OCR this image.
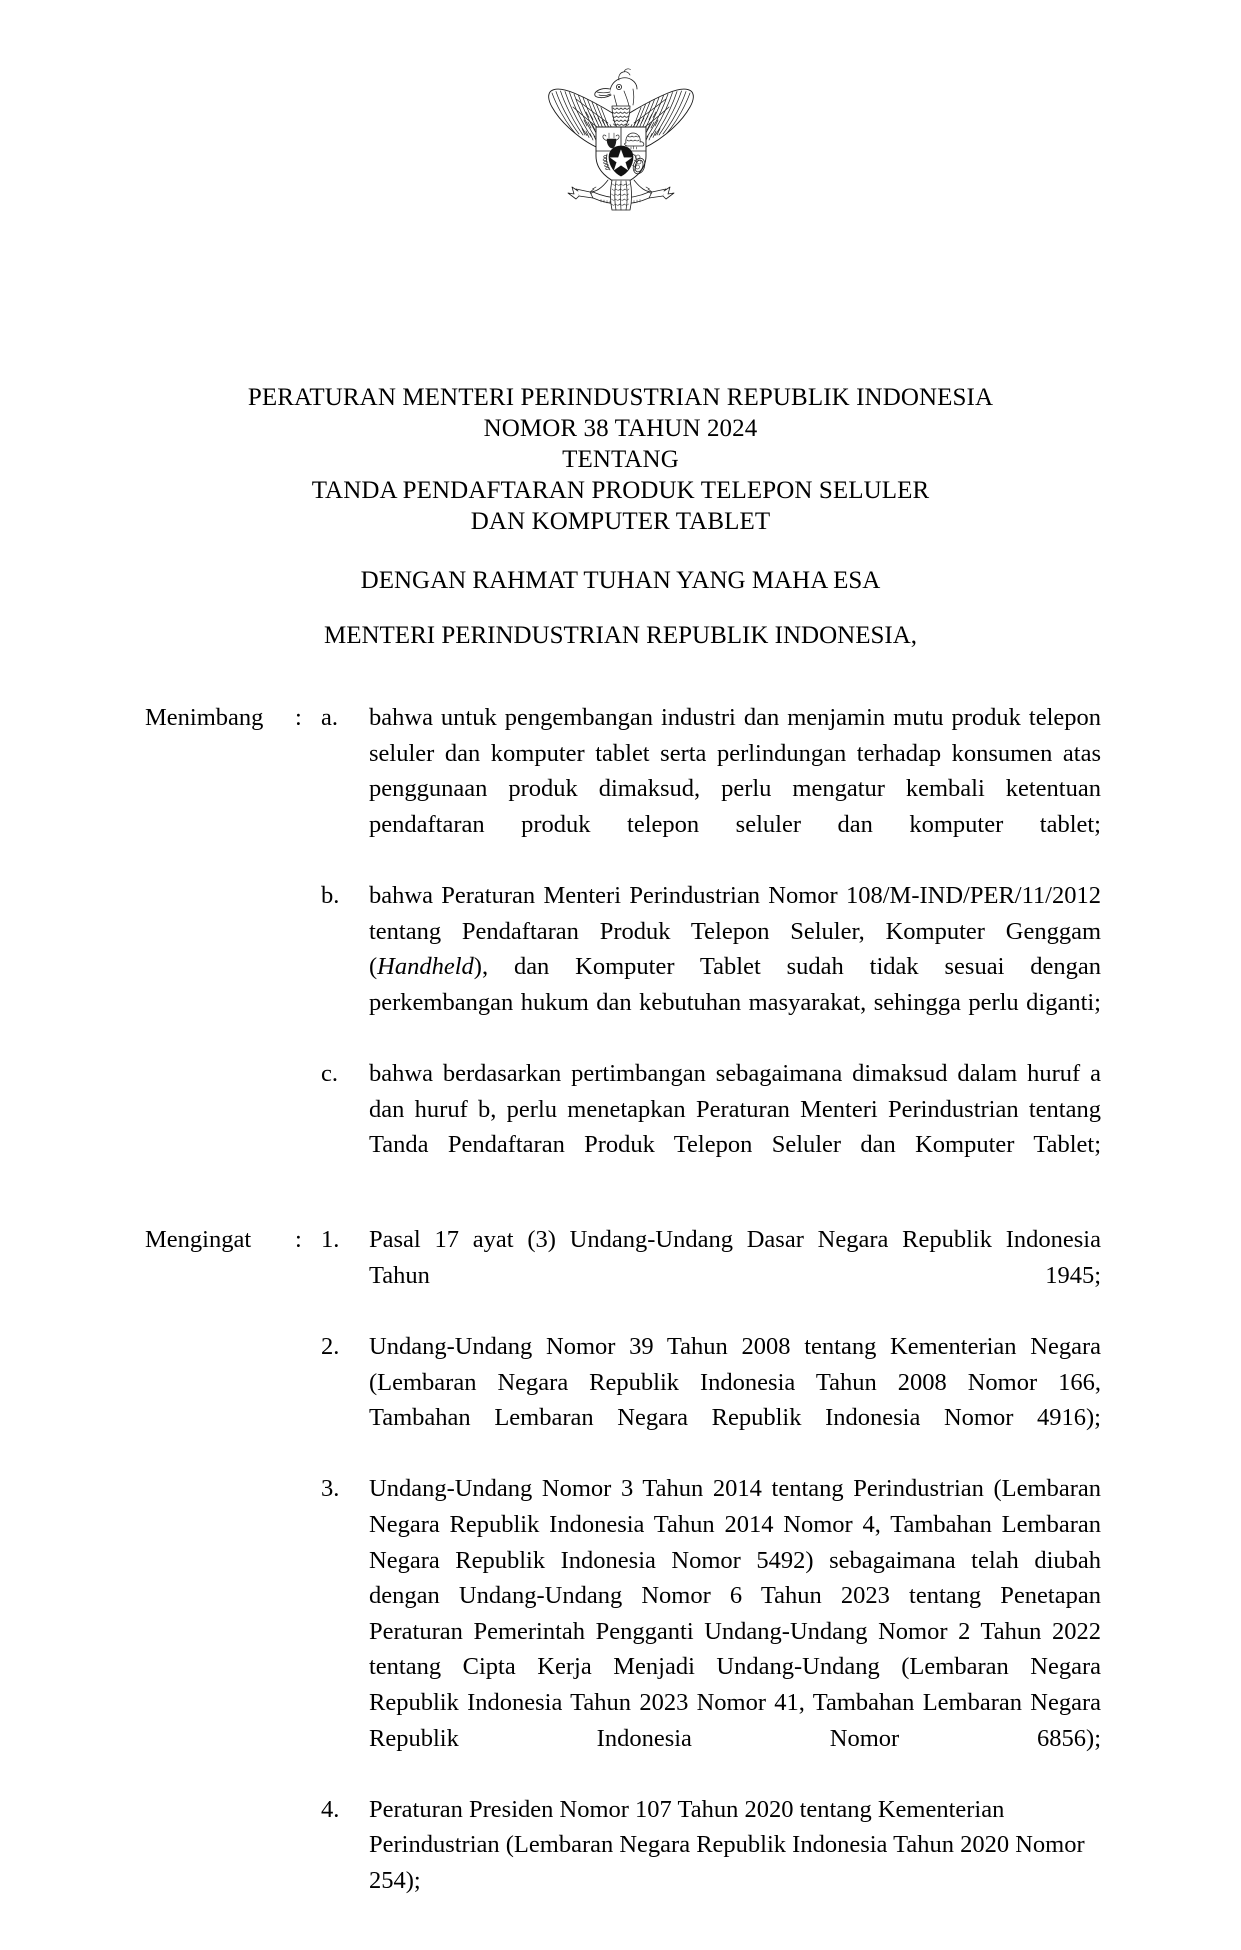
PERATURAN MENTERI PERINDUSTRIAN REPUBLIK INDONESIA
NOMOR 38 TAHUN 2024
TENTANG
TANDA PENDAFTARAN PRODUK TELEPON SELULER
DAN KOMPUTER TABLET
DENGAN RAHMAT TUHAN YANG MAHA ESA
MENTERI PERINDUSTRIAN REPUBLIK INDONESIA,
Menimbang	: a.	bahwa untuk pengembangan industri dan menjamin mutu produk telepon seluler dan komputer tablet serta perlindungan terhadap konsumen atas penggunaan produk dimaksud, perlu mengatur kembali ketentuan pendaftaran produk telepon seluler dan komputer tablet;
b.	bahwa Peraturan Menteri Perindustrian Nomor 108/M-IND/PER/11/2012 tentang Pendaftaran Produk Telepon Seluler, Komputer Genggam (Handheld), dan Komputer Tablet sudah tidak sesuai dengan perkembangan hukum dan kebutuhan masyarakat, sehingga perlu diganti;
c.	bahwa berdasarkan pertimbangan sebagaimana dimaksud dalam huruf a dan huruf b, perlu menetapkan Peraturan Menteri Perindustrian tentang Tanda Pendaftaran Produk Telepon Seluler dan Komputer Tablet;
Mengingat	: 1.	Pasal 17 ayat (3) Undang-Undang Dasar Negara Republik Indonesia Tahun 1945;
2.	Undang-Undang Nomor 39 Tahun 2008 tentang Kementerian Negara (Lembaran Negara Republik Indonesia Tahun 2008 Nomor 166, Tambahan Lembaran Negara Republik Indonesia Nomor 4916);
3.	Undang-Undang Nomor 3 Tahun 2014 tentang Perindustrian (Lembaran Negara Republik Indonesia Tahun 2014 Nomor 4, Tambahan Lembaran Negara Republik Indonesia Nomor 5492) sebagaimana telah diubah dengan Undang-Undang Nomor 6 Tahun 2023 tentang Penetapan Peraturan Pemerintah Pengganti Undang-Undang Nomor 2 Tahun 2022 tentang Cipta Kerja Menjadi Undang-Undang (Lembaran Negara Republik Indonesia Tahun 2023 Nomor 41, Tambahan Lembaran Negara Republik Indonesia Nomor 6856);
4.	Peraturan Presiden Nomor 107 Tahun 2020 tentang Kementerian Perindustrian (Lembaran Negara Republik Indonesia Tahun 2020 Nomor 254);
